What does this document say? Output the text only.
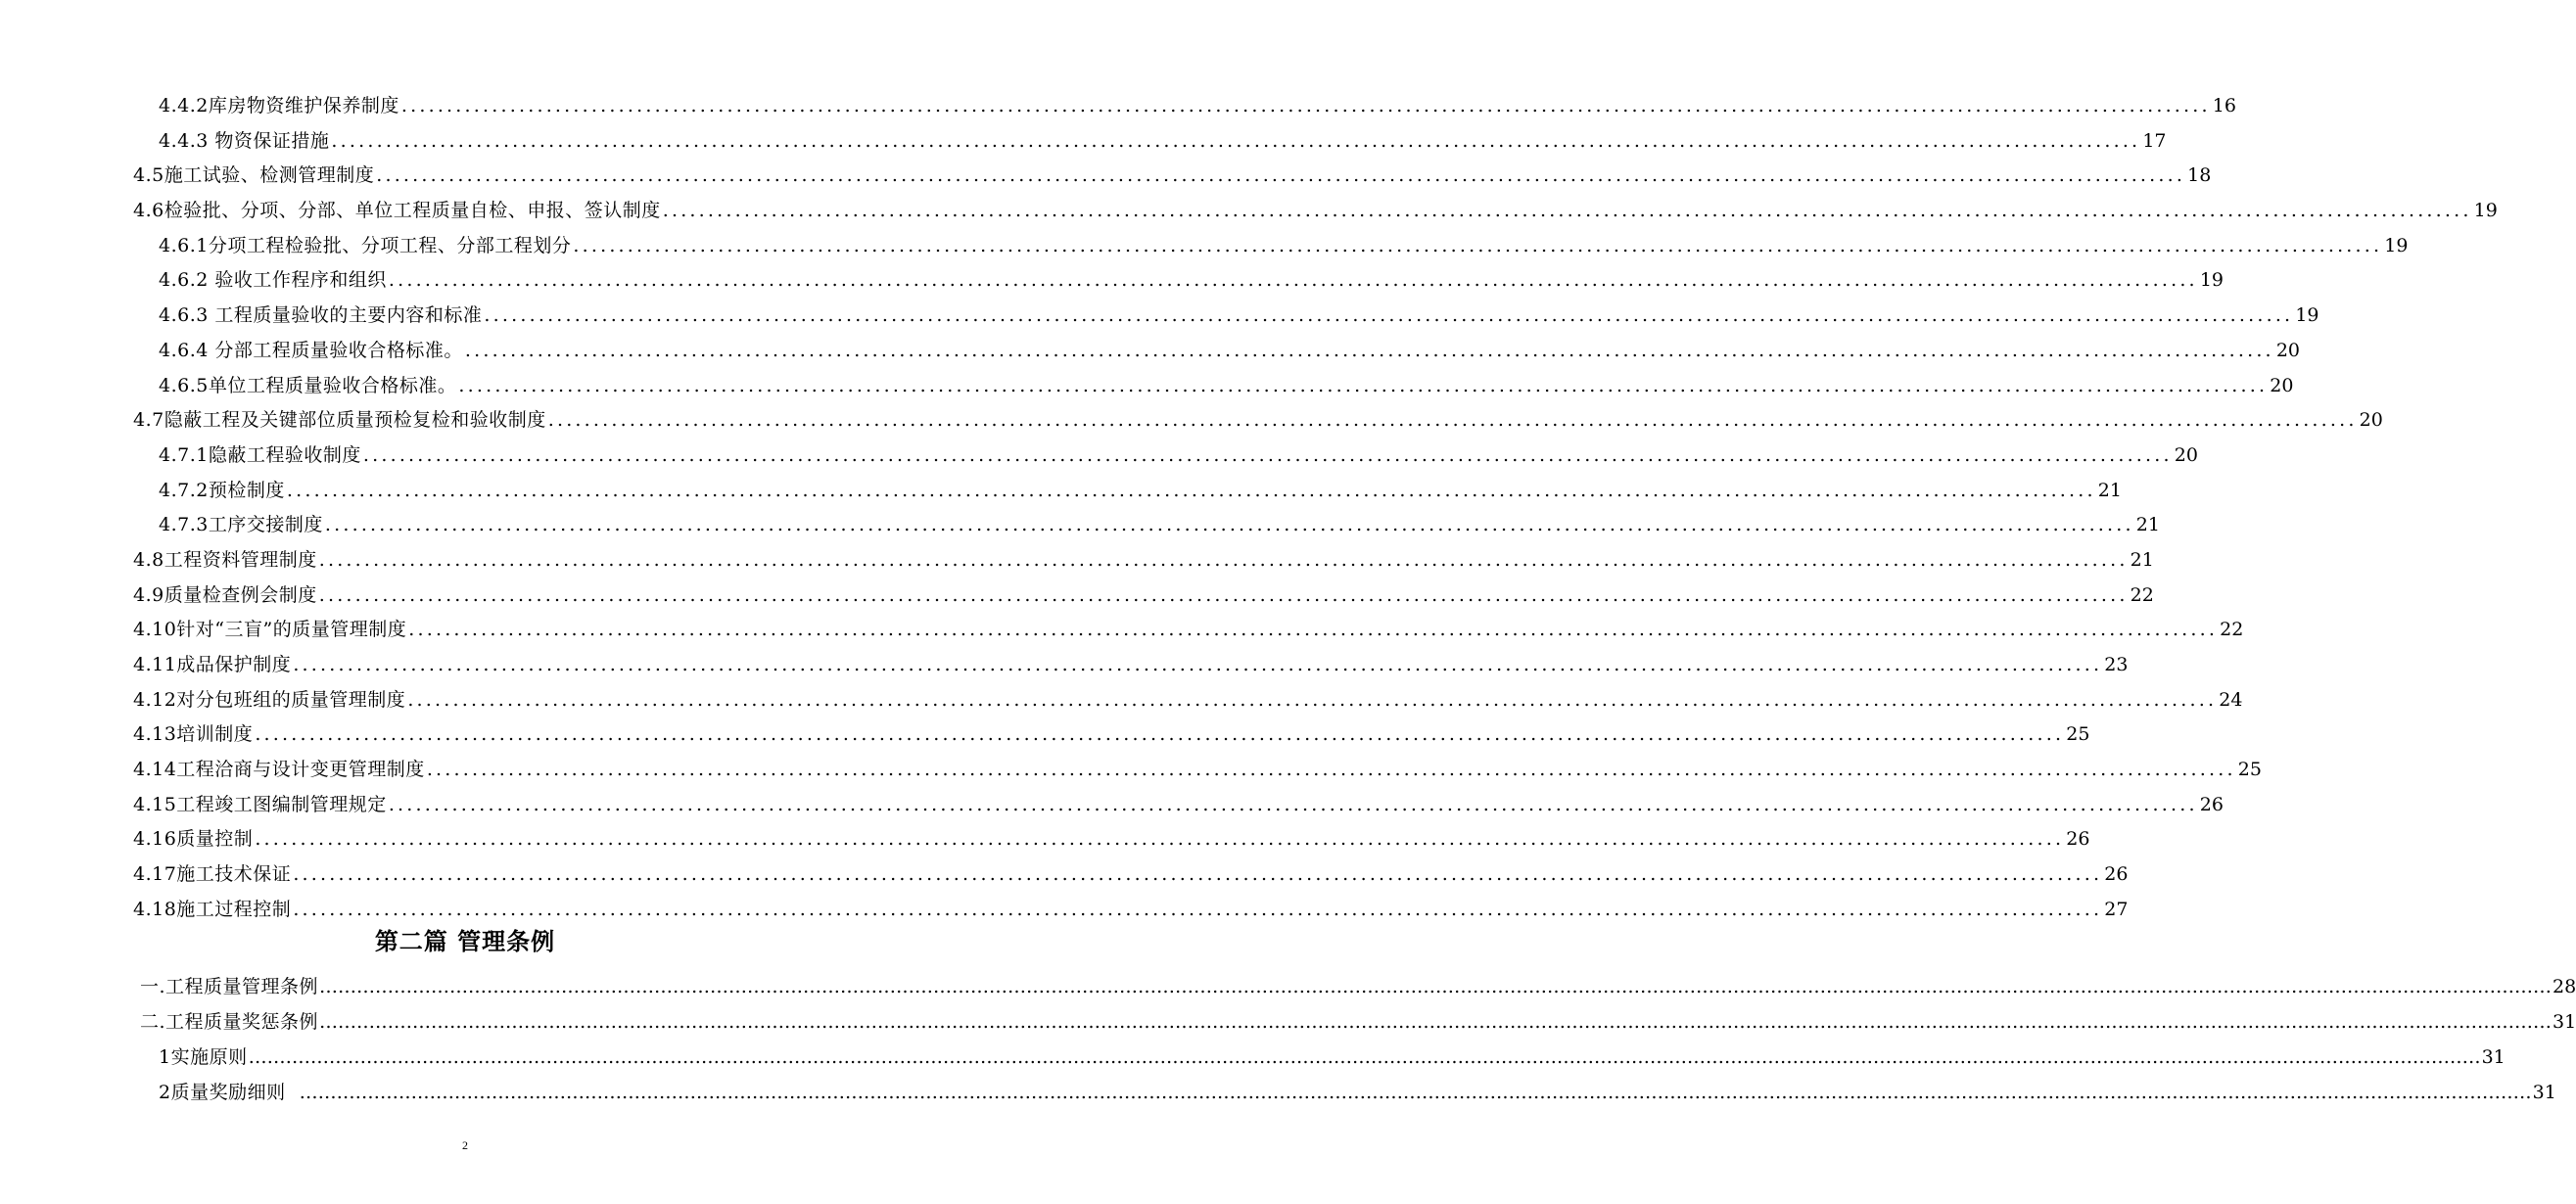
4.4.2库房物资维护保养制度 ........................................................................................................................................................................................................ 16
4.4.3 物资保证措施 ........................................................................................................................................................................................................ 17
4.5施工试验、检测管理制度 ........................................................................................................................................................................................................ 18
4.6检验批、分项、分部、单位工程质量自检、申报、签认制度 ........................................................................................................................................................................................................ 19
4.6.1分项工程检验批、分项工程、分部工程划分 ........................................................................................................................................................................................................ 19
4.6.2 验收工作程序和组织 ........................................................................................................................................................................................................ 19
4.6.3 工程质量验收的主要内容和标准 ........................................................................................................................................................................................................ 19
4.6.4 分部工程质量验收合格标准。 ........................................................................................................................................................................................................ 20
4.6.5单位工程质量验收合格标准。 ........................................................................................................................................................................................................ 20
4.7隐蔽工程及关键部位质量预检复检和验收制度 ........................................................................................................................................................................................................ 20
4.7.1隐蔽工程验收制度 ........................................................................................................................................................................................................ 20
4.7.2预检制度 ........................................................................................................................................................................................................ 21
4.7.3工序交接制度 ........................................................................................................................................................................................................ 21
4.8工程资料管理制度 ........................................................................................................................................................................................................ 21
4.9质量检查例会制度 ........................................................................................................................................................................................................ 22
4.10针对“三盲”的质量管理制度 ........................................................................................................................................................................................................ 22
4.11成品保护制度 ........................................................................................................................................................................................................ 23
4.12对分包班组的质量管理制度 ........................................................................................................................................................................................................ 24
4.13培训制度 ........................................................................................................................................................................................................ 25
4.14工程洽商与设计变更管理制度 ........................................................................................................................................................................................................ 25
4.15工程竣工图编制管理规定 ........................................................................................................................................................................................................ 26
4.16质量控制 ........................................................................................................................................................................................................ 26
4.17施工技术保证 ........................................................................................................................................................................................................ 26
4.18施工过程控制 ........................................................................................................................................................................................................ 27
第二篇 管理条例
一.工程质量管理条例 ……………………………………………………………………………………………………………………………………………………………………………………………………………………………………………………………………………………………………………………………… 28
二.工程质量奖惩条例 ……………………………………………………………………………………………………………………………………………………………………………………………………………………………………………………………………………………………………………………………… 31
1实施原则 ……………………………………………………………………………………………………………………………………………………………………………………………………………………………………………………………………………………………………………………………… 31
2质量奖励细则 ……………………………………………………………………………………………………………………………………………………………………………………………………………………………………………………………………………………………………………………………… 31
2
